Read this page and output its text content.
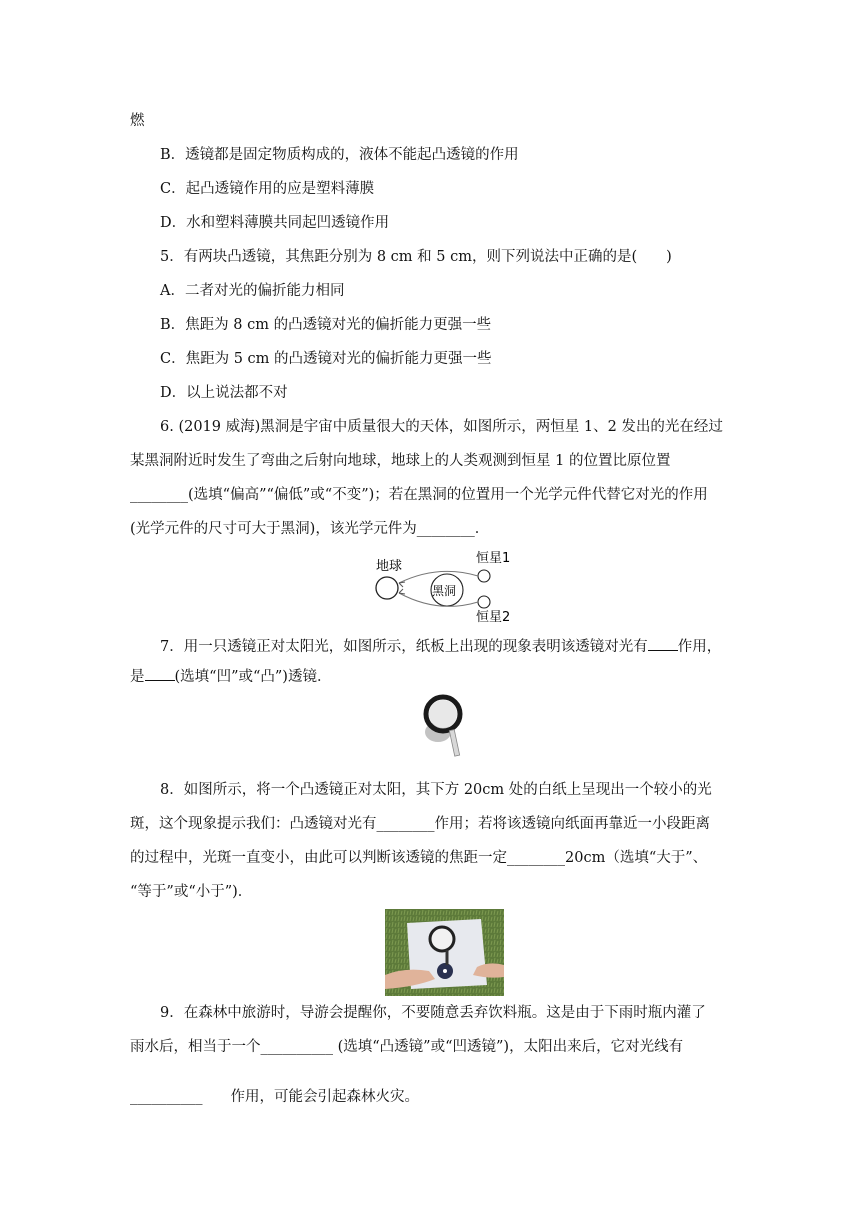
燃
B．透镜都是固定物质构成的，液体不能起凸透镜的作用
C．起凸透镜作用的应是塑料薄膜
D．水和塑料薄膜共同起凹透镜作用
5．有两块凸透镜，其焦距分别为 8 cm 和 5 cm，则下列说法中正确的是(　　)
A．二者对光的偏折能力相同
B．焦距为 8 cm 的凸透镜对光的偏折能力更强一些
C．焦距为 5 cm 的凸透镜对光的偏折能力更强一些
D．以上说法都不对
6. (2019 威海)黑洞是宇宙中质量很大的天体，如图所示，两恒星 1、2 发出的光在经过
某黑洞附近时发生了弯曲之后射向地球，地球上的人类观测到恒星 1 的位置比原位置
________(选填“偏高”“偏低”或“不变”)；若在黑洞的位置用一个光学元件代替它对光的作用
(光学元件的尺寸可大于黑洞)，该光学元件为________．
地球
黑洞
恒星1
恒星2
7．用一只透镜正对太阳光，如图所示，纸板上出现的现象表明该透镜对光有 作用，
是 (选填“凹”或“凸”)透镜．
8．如图所示，将一个凸透镜正对太阳，其下方 20cm 处的白纸上呈现出一个较小的光
斑，这个现象提示我们：凸透镜对光有________作用；若将该透镜向纸面再靠近一小段距离
的过程中，光斑一直变小，由此可以判断该透镜的焦距一定________20cm（选填“大于”、
“等于”或“小于”)．
9．在森林中旅游时，导游会提醒你，不要随意丢弃饮料瓶。这是由于下雨时瓶内灌了
雨水后，相当于一个__________ (选填“凸透镜”或“凹透镜”)，太阳出来后，它对光线有
__________ 作用，可能会引起森林火灾。
